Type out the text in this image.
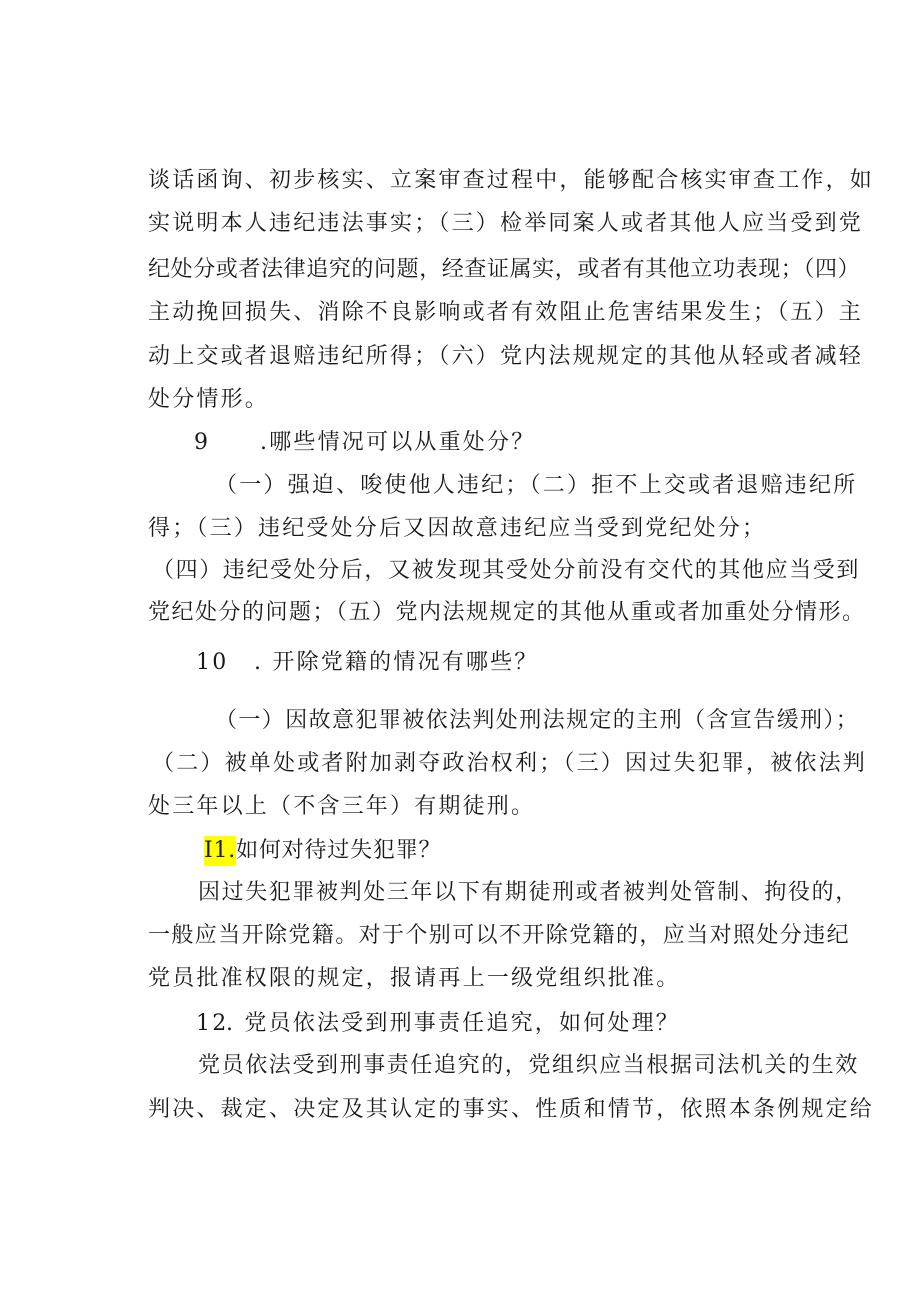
谈话函询、初步核实、立案审查过程中，能够配合核实审查工作，如
实说明本人违纪违法事实；（三）检举同案人或者其他人应当受到党
纪处分或者法律追究的问题，经查证属实，或者有其他立功表现；（四）
主动挽回损失、消除不良影响或者有效阻止危害结果发生；（五）主
动上交或者退赔违纪所得；（六）党内法规规定的其他从轻或者减轻
处分情形。
9 .哪些情况可以从重处分？
（一）强迫、唆使他人违纪；（二）拒不上交或者退赔违纪所
得；（三）违纪受处分后又因故意违纪应当受到党纪处分；
（四）违纪受处分后，又被发现其受处分前没有交代的其他应当受到
党纪处分的问题；（五）党内法规规定的其他从重或者加重处分情形。
10 . 开除党籍的情况有哪些？
（一）因故意犯罪被依法判处刑法规定的主刑（含宣告缓刑）；
（二）被单处或者附加剥夺政治权利；（三）因过失犯罪，被依法判
处三年以上（不含三年）有期徒刑。
I1.如何对待过失犯罪？
因过失犯罪被判处三年以下有期徒刑或者被判处管制、拘役的，
一般应当开除党籍。对于个别可以不开除党籍的，应当对照处分违纪
党员批准权限的规定，报请再上一级党组织批准。
12. 党员依法受到刑事责任追究，如何处理？
党员依法受到刑事责任追究的，党组织应当根据司法机关的生效
判决、裁定、决定及其认定的事实、性质和情节，依照本条例规定给
